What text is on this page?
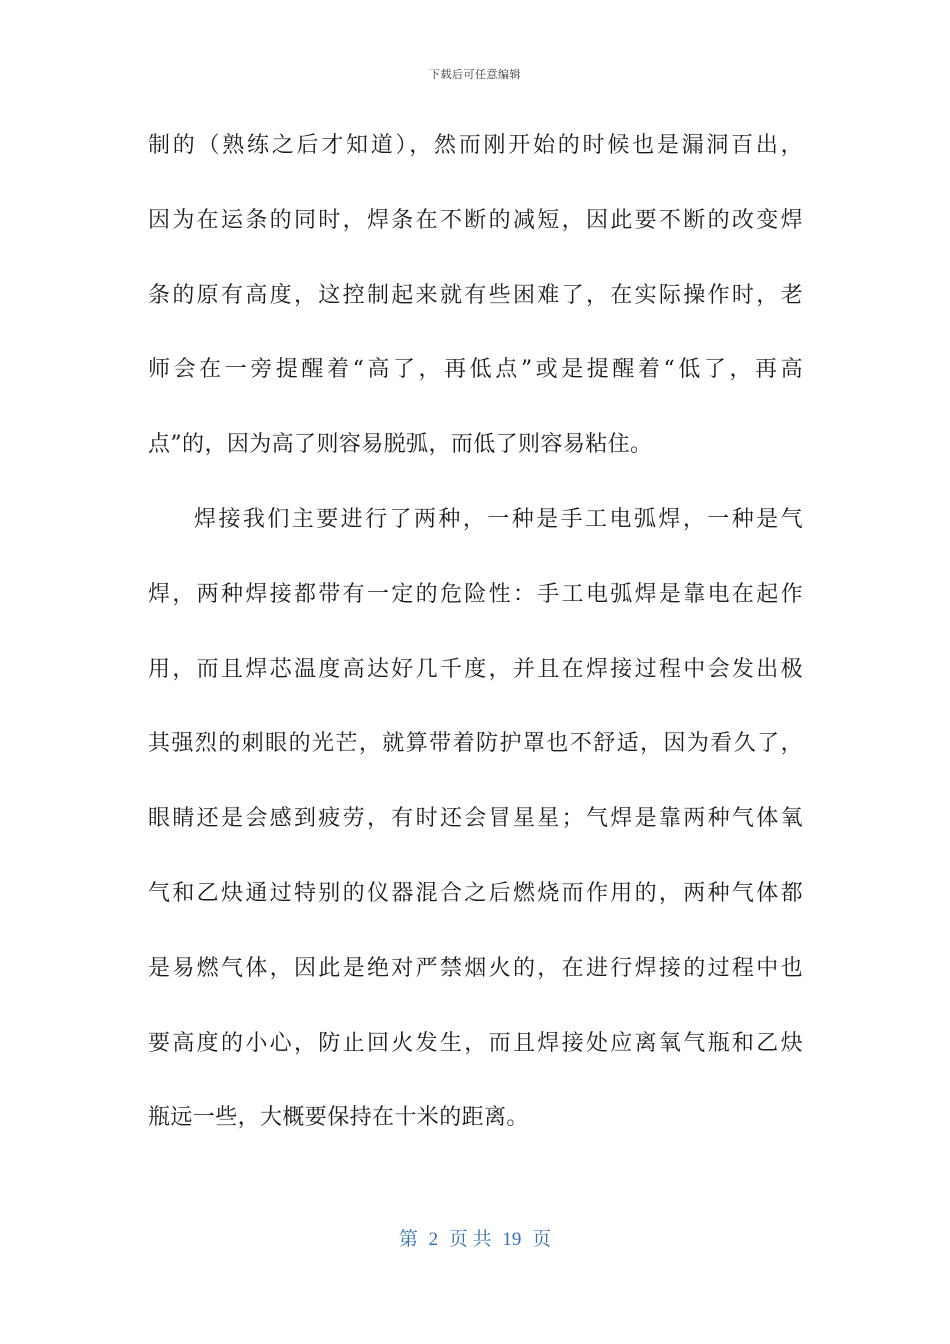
下载后可任意编辑
制的（熟练之后才知道），然而刚开始的时候也是漏洞百出，
因为在运条的同时，焊条在不断的减短，因此要不断的改变焊
条的原有高度，这控制起来就有些困难了，在实际操作时，老
师会在一旁提醒着“高了，再低点”或是提醒着“低了，再高
点”的，因为高了则容易脱弧，而低了则容易粘住。
焊接我们主要进行了两种，一种是手工电弧焊，一种是气
焊，两种焊接都带有一定的危险性：手工电弧焊是靠电在起作
用，而且焊芯温度高达好几千度，并且在焊接过程中会发出极
其强烈的刺眼的光芒，就算带着防护罩也不舒适，因为看久了，
眼睛还是会感到疲劳，有时还会冒星星；气焊是靠两种气体氧
气和乙炔通过特别的仪器混合之后燃烧而作用的，两种气体都
是易燃气体，因此是绝对严禁烟火的，在进行焊接的过程中也
要高度的小心，防止回火发生，而且焊接处应离氧气瓶和乙炔
瓶远一些，大概要保持在十米的距离。
第 2 页 共 19 页
